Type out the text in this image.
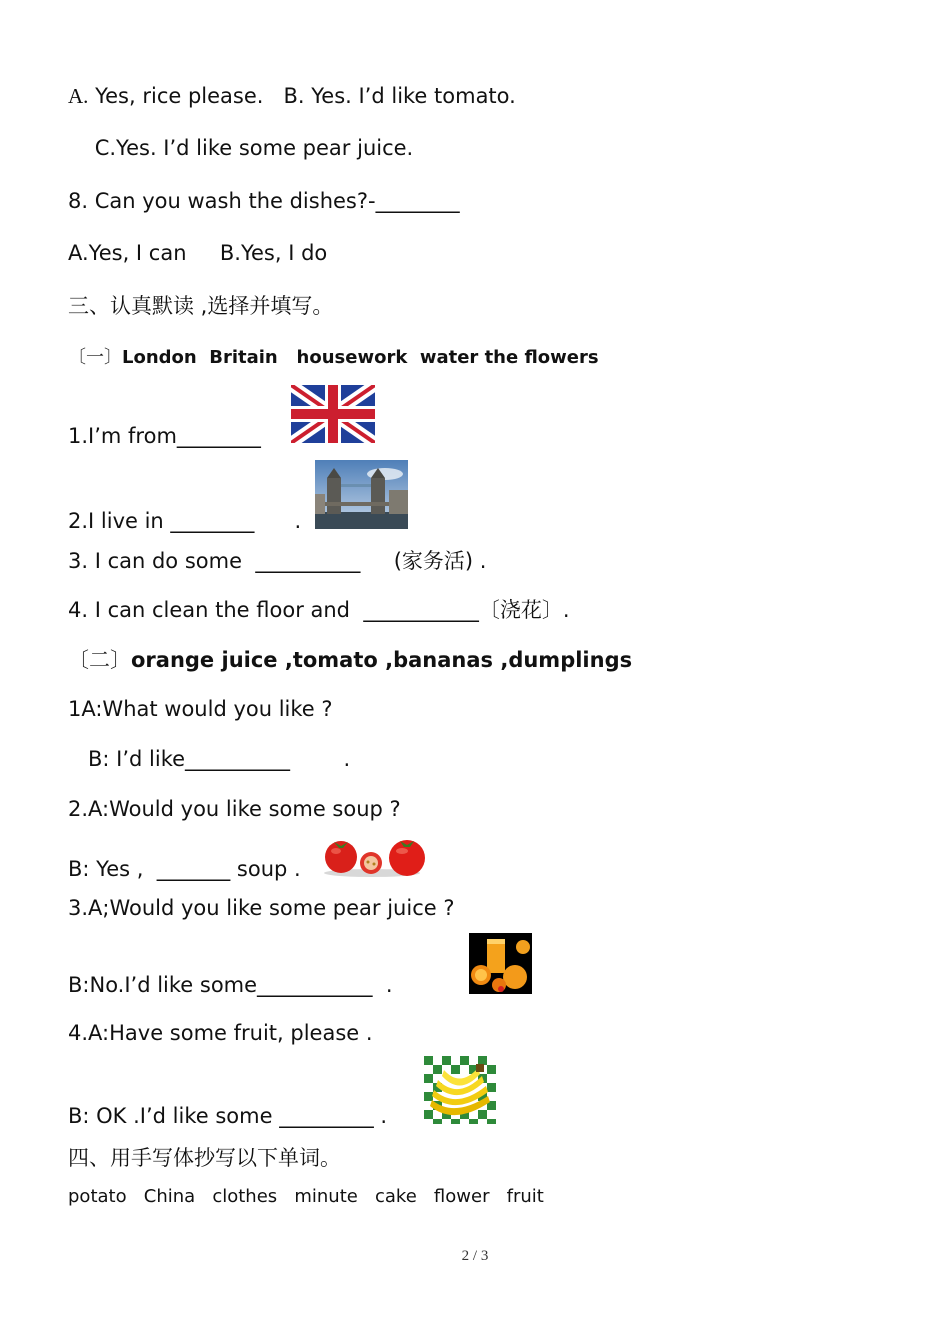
A. Yes, rice please.   B. Yes. I’d like tomato.
C.Yes. I’d like some pear juice.
8. Can you wash the dishes?-________
A.Yes, I can     B.Yes, I do
三、认真默读 ,选择并填写。
〔一〕London  Britain   housework  water the flowers
1.I’m from________
2.I live in ________      .
3. I can do some  __________     (家务活) .
4. I can clean the floor and  ___________〔浇花〕.
〔二〕orange juice ,tomato ,bananas ,dumplings
1A:What would you like ?
B: I’d like__________        .
2.A:Would you like some soup ?
B: Yes ,  _______ soup .
3.A;Would you like some pear juice ?
B:No.I’d like some___________  .
4.A:Have some fruit, please .
B: OK .I’d like some _________ .
四、用手写体抄写以下单词。
potato   China   clothes   minute   cake   flower   fruit
2 / 3
